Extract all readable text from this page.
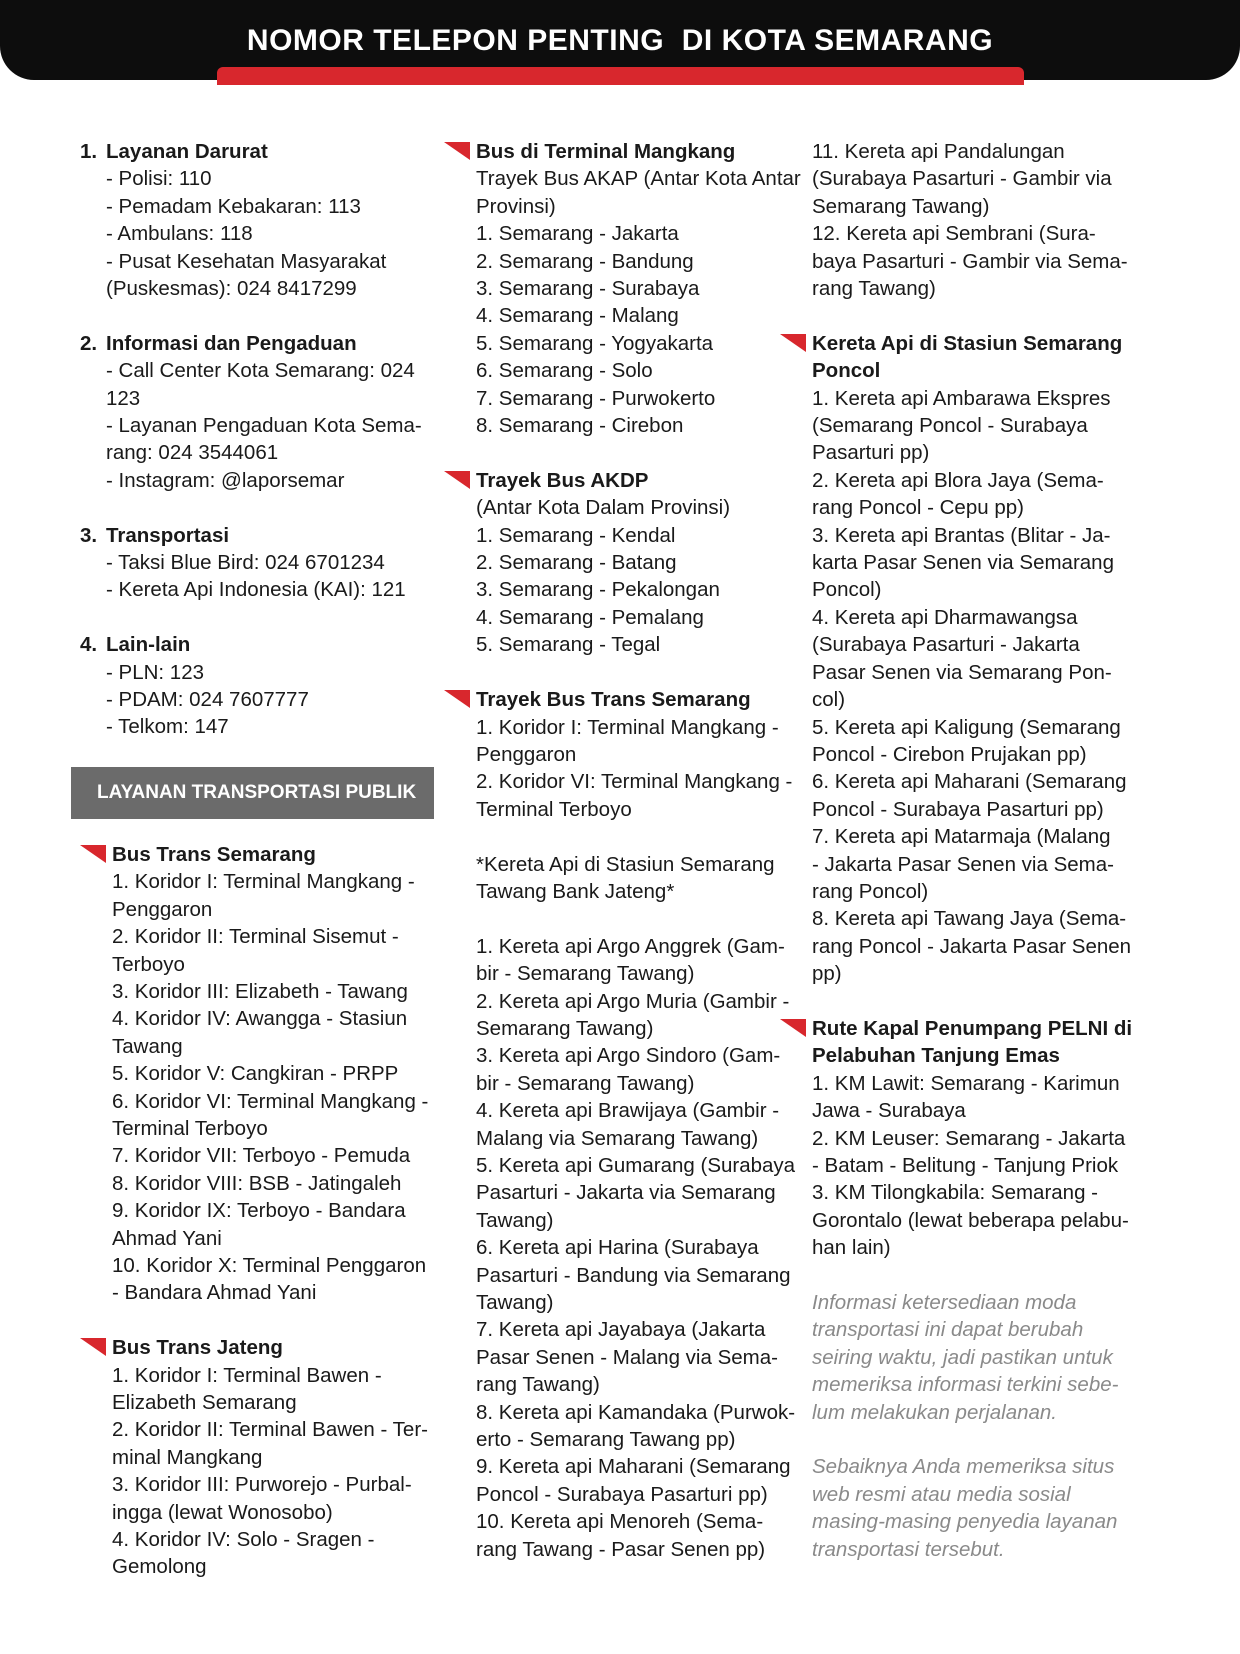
NOMOR TELEPON PENTING  DI KOTA SEMARANG
1. Layanan Darurat
- Polisi: 110
- Pemadam Kebakaran: 113
- Ambulans: 118
- Pusat Kesehatan Masyarakat
(Puskesmas): 024 8417299
2. Informasi dan Pengaduan
- Call Center Kota Semarang: 024 123
- Layanan Pengaduan Kota Sema-
rang: 024 3544061
- Instagram: @laporsemar
3. Transportasi
- Taksi Blue Bird: 024 6701234
- Kereta Api Indonesia (KAI): 121
4. Lain-lain
- PLN: 123
- PDAM: 024 7607777
- Telkom: 147
LAYANAN TRANSPORTASI PUBLIK
Bus Trans Semarang
1. Koridor I: Terminal Mangkang -
Penggaron
2. Koridor II: Terminal Sisemut -
Terboyo
3. Koridor III: Elizabeth - Tawang
4. Koridor IV: Awangga - Stasiun
Tawang
5. Koridor V: Cangkiran - PRPP
6. Koridor VI: Terminal Mangkang -
Terminal Terboyo
7. Koridor VII: Terboyo - Pemuda
8. Koridor VIII: BSB - Jatingaleh
9. Koridor IX: Terboyo - Bandara
Ahmad Yani
10. Koridor X: Terminal Penggaron
- Bandara Ahmad Yani
Bus Trans Jateng
1. Koridor I: Terminal Bawen -
Elizabeth Semarang
2. Koridor II: Terminal Bawen - Ter-
minal Mangkang
3. Koridor III: Purworejo - Purbal-
ingga (lewat Wonosobo)
4. Koridor IV: Solo - Sragen -
Gemolong
Bus di Terminal Mangkang
Trayek Bus AKAP (Antar Kota Antar
Provinsi)
1. Semarang - Jakarta
2. Semarang - Bandung
3. Semarang - Surabaya
4. Semarang - Malang
5. Semarang - Yogyakarta
6. Semarang - Solo
7. Semarang - Purwokerto
8. Semarang - Cirebon
Trayek Bus AKDP
(Antar Kota Dalam Provinsi)
1. Semarang - Kendal
2. Semarang - Batang
3. Semarang - Pekalongan
4. Semarang - Pemalang
5. Semarang - Tegal
Trayek Bus Trans Semarang
1. Koridor I: Terminal Mangkang -
Penggaron
2. Koridor VI: Terminal Mangkang -
Terminal Terboyo
*Kereta Api di Stasiun Semarang
Tawang Bank Jateng*
1. Kereta api Argo Anggrek (Gam-
bir - Semarang Tawang)
2. Kereta api Argo Muria (Gambir -
Semarang Tawang)
3. Kereta api Argo Sindoro (Gam-
bir - Semarang Tawang)
4. Kereta api Brawijaya (Gambir -
Malang via Semarang Tawang)
5. Kereta api Gumarang (Surabaya
Pasarturi - Jakarta via Semarang
Tawang)
6. Kereta api Harina (Surabaya
Pasarturi - Bandung via Semarang
Tawang)
7. Kereta api Jayabaya (Jakarta
Pasar Senen - Malang via Sema-
rang Tawang)
8. Kereta api Kamandaka (Purwok-
erto - Semarang Tawang pp)
9. Kereta api Maharani (Semarang
Poncol - Surabaya Pasarturi pp)
10. Kereta api Menoreh (Sema-
rang Tawang - Pasar Senen pp)
11. Kereta api Pandalungan
(Surabaya Pasarturi - Gambir via
Semarang Tawang)
12. Kereta api Sembrani (Sura-
baya Pasarturi - Gambir via Sema-
rang Tawang)
Kereta Api di Stasiun Semarang
Poncol
1. Kereta api Ambarawa Ekspres
(Semarang Poncol - Surabaya
Pasarturi pp)
2. Kereta api Blora Jaya (Sema-
rang Poncol - Cepu pp)
3. Kereta api Brantas (Blitar - Ja-
karta Pasar Senen via Semarang
Poncol)
4. Kereta api Dharmawangsa
(Surabaya Pasarturi - Jakarta
Pasar Senen via Semarang Pon-
col)
5. Kereta api Kaligung (Semarang
Poncol - Cirebon Prujakan pp)
6. Kereta api Maharani (Semarang
Poncol - Surabaya Pasarturi pp)
7. Kereta api Matarmaja (Malang
- Jakarta Pasar Senen via Sema-
rang Poncol)
8. Kereta api Tawang Jaya (Sema-
rang Poncol - Jakarta Pasar Senen
pp)
Rute Kapal Penumpang PELNI di
Pelabuhan Tanjung Emas
1. KM Lawit: Semarang - Karimun
Jawa - Surabaya
2. KM Leuser: Semarang - Jakarta
- Batam - Belitung - Tanjung Priok
3. KM Tilongkabila: Semarang -
Gorontalo (lewat beberapa pelabu-
han lain)
Informasi ketersediaan moda
transportasi ini dapat berubah
seiring waktu, jadi pastikan untuk
memeriksa informasi terkini sebe-
lum melakukan perjalanan.
Sebaiknya Anda memeriksa situs
web resmi atau media sosial
masing-masing penyedia layanan
transportasi tersebut.
